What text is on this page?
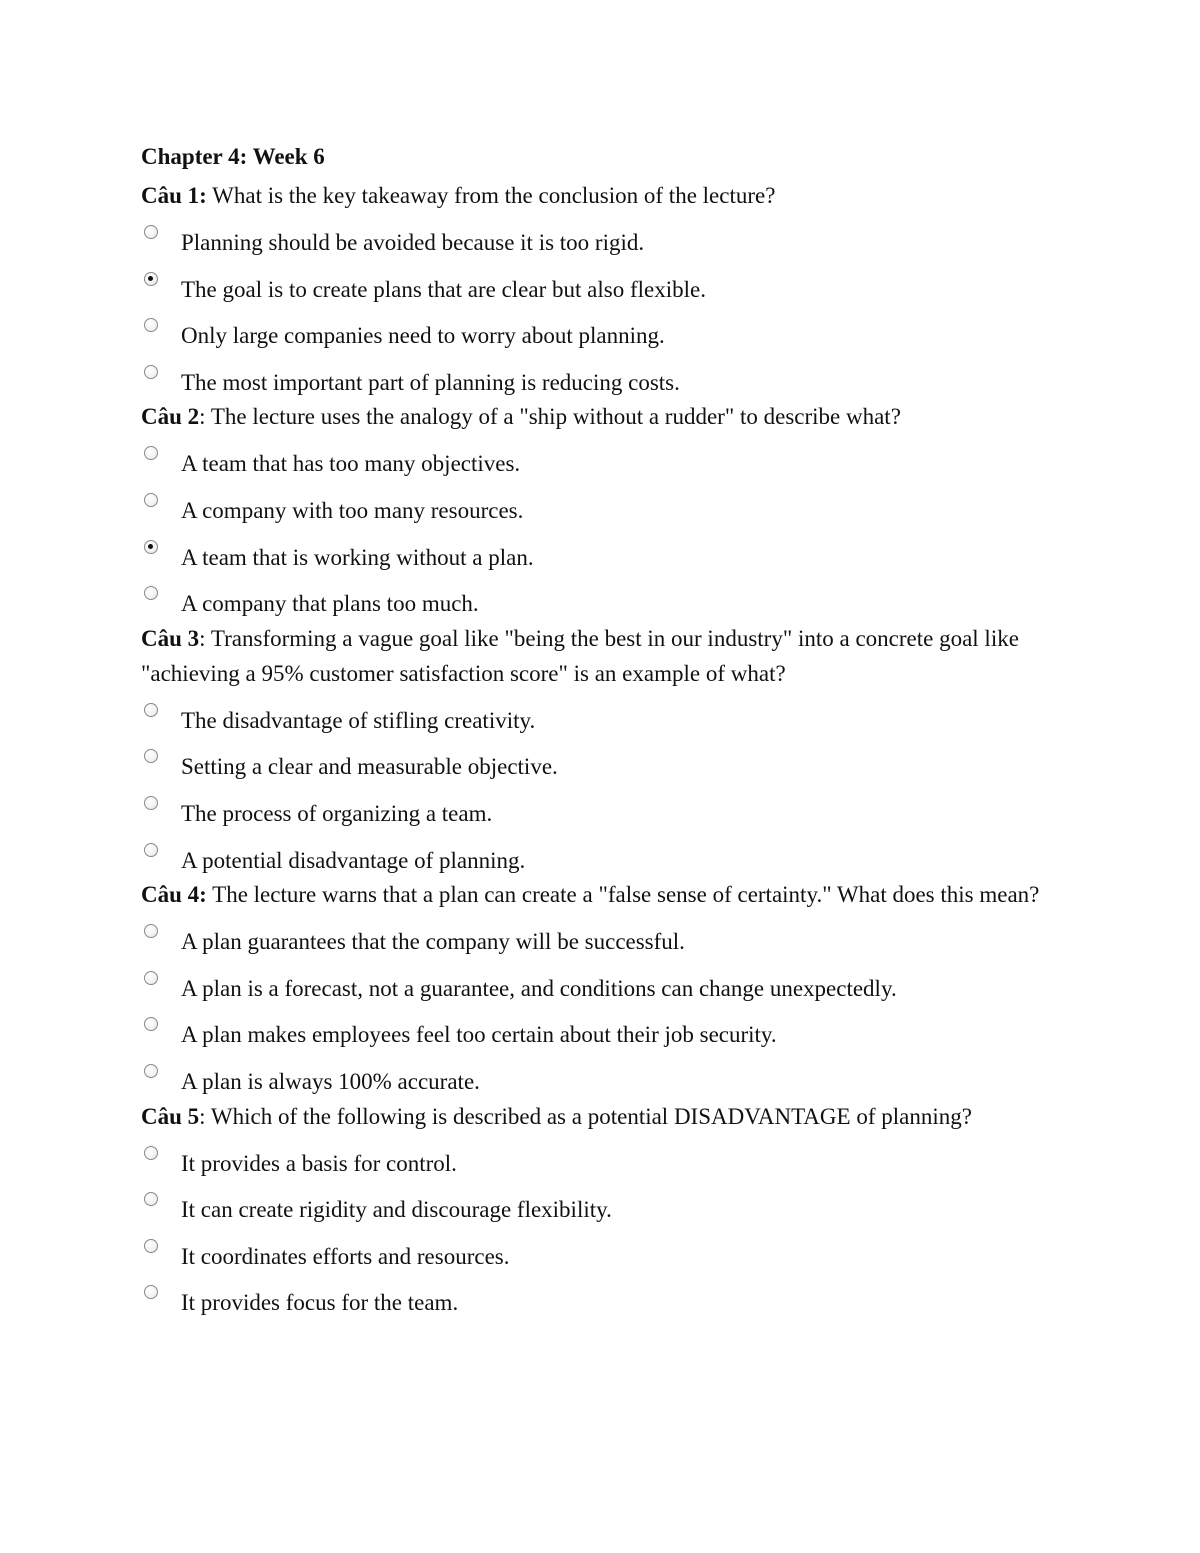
Chapter 4: Week 6

Câu 1: What is the key takeaway from the conclusion of the lecture?

Planning should be avoided because it is too rigid.
The goal is to create plans that are clear but also flexible.
Only large companies need to worry about planning.
The most important part of planning is reducing costs.

Câu 2: The lecture uses the analogy of a "ship without a rudder" to describe what?

A team that has too many objectives.
A company with too many resources.
A team that is working without a plan.
A company that plans too much.

Câu 3: Transforming a vague goal like "being the best in our industry" into a concrete goal like "achieving a 95% customer satisfaction score" is an example of what?

The disadvantage of stifling creativity.
Setting a clear and measurable objective.
The process of organizing a team.
A potential disadvantage of planning.

Câu 4: The lecture warns that a plan can create a "false sense of certainty." What does this mean?

A plan guarantees that the company will be successful.
A plan is a forecast, not a guarantee, and conditions can change unexpectedly.
A plan makes employees feel too certain about their job security.
A plan is always 100% accurate.

Câu 5: Which of the following is described as a potential DISADVANTAGE of planning?

It provides a basis for control.
It can create rigidity and discourage flexibility.
It coordinates efforts and resources.
It provides focus for the team.
